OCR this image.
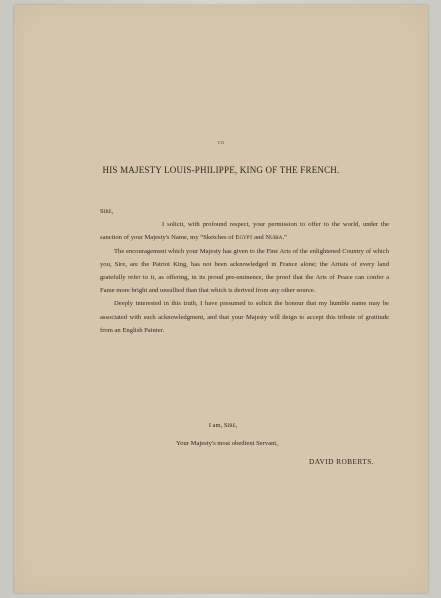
TO
HIS MAJESTY LOUIS-PHILIPPE, KING OF THE FRENCH.

Sire,

I solicit, with profound respect, your permission to offer to the world, under the sanction of your Majesty's Name, my “Sketches of Egypt and Nubia.”

The encouragement which your Majesty has given to the Fine Arts of the enlightened Country of which you, Sire, are the Patriot King, has not been acknowledged in France alone; the Artists of every land gratefully refer to it, as offering, in its proud pre-eminence, the proof that the Arts of Peace can confer a Fame more bright and unsullied than that which is derived from any other source.

Deeply interested in this truth, I have presumed to solicit the honour that my humble name may be associated with such acknowledgment, and that your Majesty will deign to accept this tribute of gratitude from an English Painter.

I am, Sire,
Your Majesty's most obedient Servant,
DAVID ROBERTS.
